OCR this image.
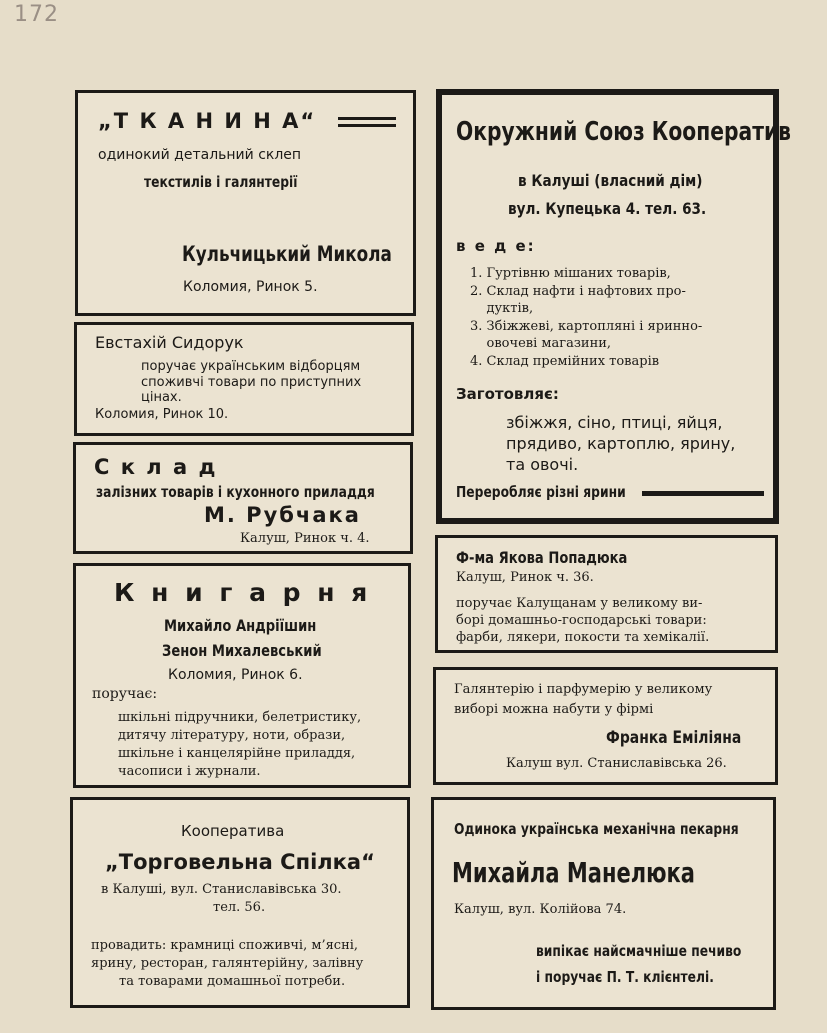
172
„Т К А Н И Н А“
одинокий детальний склеп
текстилів і галянтерії
Кульчицький Микола
Коломия, Ринок 5.
Евстахій Сидорук
поручає українським відборцям
споживчі товари по приступних
цінах.
Коломия, Ринок 10.
С к л а д
залізних товарів і кухонного приладдя
М. Рубчака
Калуш, Ринок ч. 4.
К н и г а р н я
Михайло Андріїшин
Зенон Михалевський
Коломия, Ринок 6.
поручає:
шкільні підручники, белетристику,
дитячу літературу, ноти, образи,
шкільне і канцелярійне приладдя,
часописи і журнали.
Кооператива
„Торговельна Спілка“
в Калуші, вул. Станиславівська 30.
тел. 56.
провадить: крамниці споживчі, м’ясні,
ярину, ресторан, галянтерійну, залівну
та товарами домашньої потреби.
Окружний Союз Кооператив
в Калуші (власний дім)
вул. Купецька 4. тел. 63.
в е д е:
1. Гуртівню мішаних товарів,
2. Склад нафти і нафтових про-
дуктів,
3. Збіжжеві, картопляні і яринно-
овочеві магазини,
4. Склад премійних товарів
Заготовляє:
збіжжя, сіно, птиці, яйця,
прядиво, картоплю, ярину,
та овочі.
Переробляє різні ярини
Ф-ма Якова Попадюка
Калуш, Ринок ч. 36.
поручає Калущанам у великому ви-
борі домашньо-господарські товари:
фарби, лякери, покости та хемікалії.
Галянтерію і парфумерію у великому
виборі можна набути у фірмі
Франка Еміліяна
Калуш вул. Станиславівська 26.
Одинока українська механічна пекарня
Михайла Манелюка
Калуш, вул. Колійова 74.
випікає найсмачніше печиво
і поручає П. Т. клієнтелі.
